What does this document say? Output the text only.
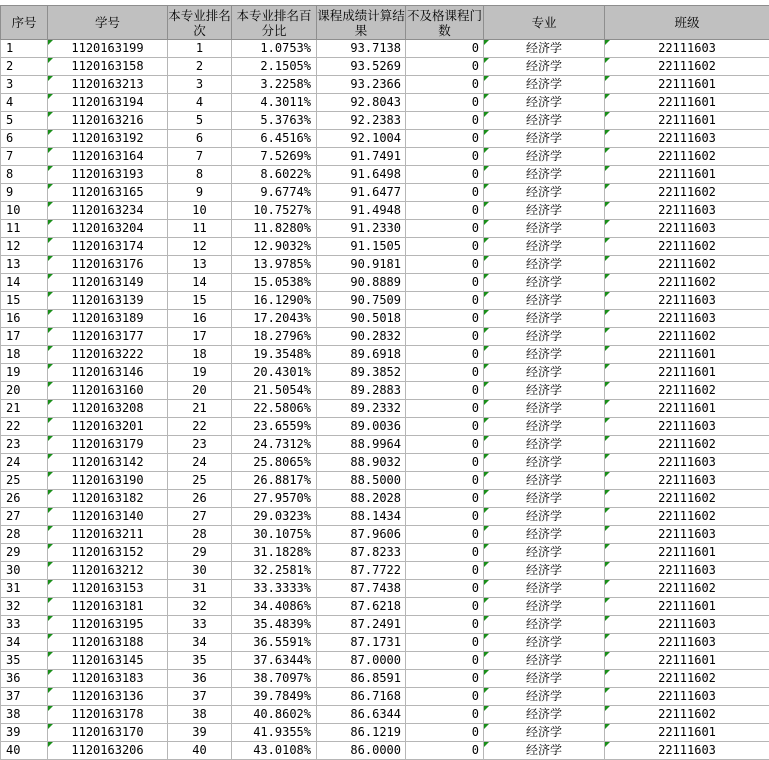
序号	学号	本专业排名次	本专业排名百分比	课程成绩计算结果	不及格课程门数	专业	班级
1	1120163199	1	1.0753%	93.7138	0	经济学	22111603
2	1120163158	2	2.1505%	93.5269	0	经济学	22111602
3	1120163213	3	3.2258%	93.2366	0	经济学	22111601
4	1120163194	4	4.3011%	92.8043	0	经济学	22111601
5	1120163216	5	5.3763%	92.2383	0	经济学	22111601
6	1120163192	6	6.4516%	92.1004	0	经济学	22111603
7	1120163164	7	7.5269%	91.7491	0	经济学	22111602
8	1120163193	8	8.6022%	91.6498	0	经济学	22111601
9	1120163165	9	9.6774%	91.6477	0	经济学	22111602
10	1120163234	10	10.7527%	91.4948	0	经济学	22111603
11	1120163204	11	11.8280%	91.2330	0	经济学	22111603
12	1120163174	12	12.9032%	91.1505	0	经济学	22111602
13	1120163176	13	13.9785%	90.9181	0	经济学	22111602
14	1120163149	14	15.0538%	90.8889	0	经济学	22111602
15	1120163139	15	16.1290%	90.7509	0	经济学	22111603
16	1120163189	16	17.2043%	90.5018	0	经济学	22111603
17	1120163177	17	18.2796%	90.2832	0	经济学	22111602
18	1120163222	18	19.3548%	89.6918	0	经济学	22111601
19	1120163146	19	20.4301%	89.3852	0	经济学	22111601
20	1120163160	20	21.5054%	89.2883	0	经济学	22111602
21	1120163208	21	22.5806%	89.2332	0	经济学	22111601
22	1120163201	22	23.6559%	89.0036	0	经济学	22111603
23	1120163179	23	24.7312%	88.9964	0	经济学	22111602
24	1120163142	24	25.8065%	88.9032	0	经济学	22111603
25	1120163190	25	26.8817%	88.5000	0	经济学	22111603
26	1120163182	26	27.9570%	88.2028	0	经济学	22111602
27	1120163140	27	29.0323%	88.1434	0	经济学	22111602
28	1120163211	28	30.1075%	87.9606	0	经济学	22111603
29	1120163152	29	31.1828%	87.8233	0	经济学	22111601
30	1120163212	30	32.2581%	87.7722	0	经济学	22111603
31	1120163153	31	33.3333%	87.7438	0	经济学	22111602
32	1120163181	32	34.4086%	87.6218	0	经济学	22111601
33	1120163195	33	35.4839%	87.2491	0	经济学	22111603
34	1120163188	34	36.5591%	87.1731	0	经济学	22111603
35	1120163145	35	37.6344%	87.0000	0	经济学	22111601
36	1120163183	36	38.7097%	86.8591	0	经济学	22111602
37	1120163136	37	39.7849%	86.7168	0	经济学	22111603
38	1120163178	38	40.8602%	86.6344	0	经济学	22111602
39	1120163170	39	41.9355%	86.1219	0	经济学	22111601
40	1120163206	40	43.0108%	86.0000	0	经济学	22111603
